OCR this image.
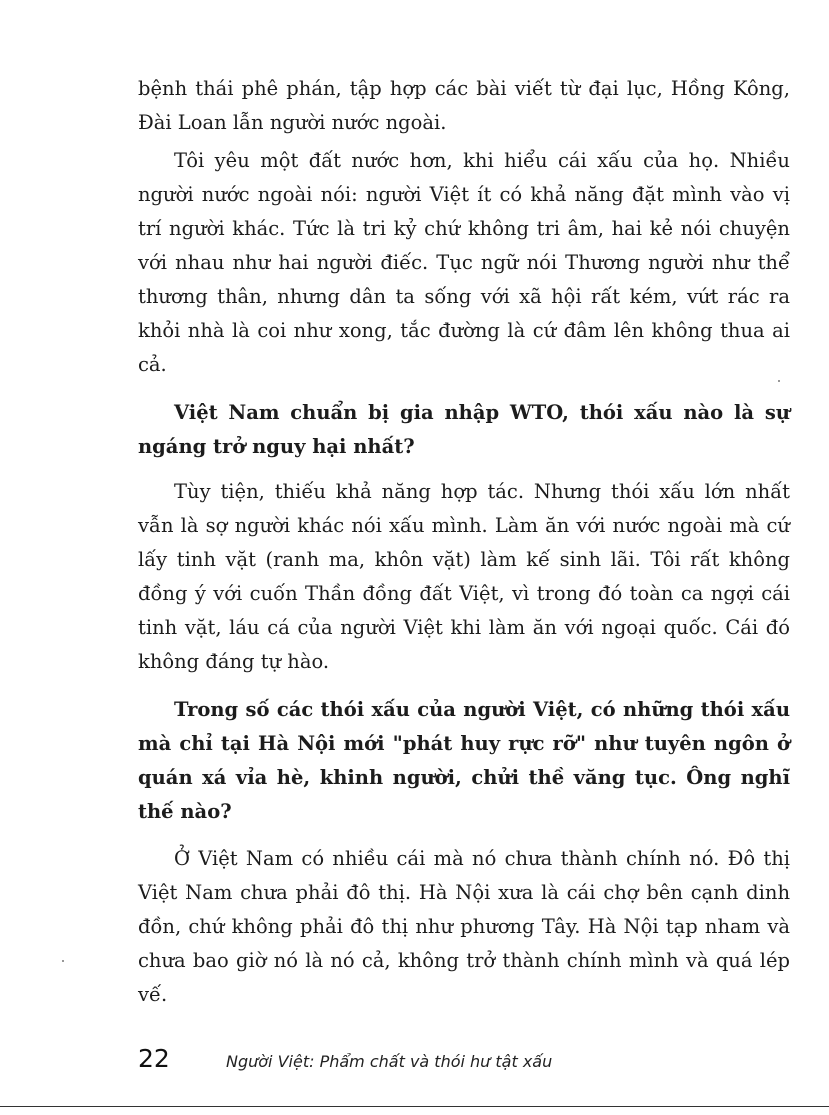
bệnh thái phê phán, tập hợp các bài viết từ đại lục, Hồng Kông, Đài Loan lẫn người nước ngoài.

Tôi yêu một đất nước hơn, khi hiểu cái xấu của họ. Nhiều người nước ngoài nói: người Việt ít có khả năng đặt mình vào vị trí người khác. Tức là tri kỷ chứ không tri âm, hai kẻ nói chuyện với nhau như hai người điếc. Tục ngữ nói Thương người như thể thương thân, nhưng dân ta sống với xã hội rất kém, vứt rác ra khỏi nhà là coi như xong, tắc đường là cứ đâm lên không thua ai cả.

Việt Nam chuẩn bị gia nhập WTO, thói xấu nào là sự ngáng trở nguy hại nhất?

Tùy tiện, thiếu khả năng hợp tác. Nhưng thói xấu lớn nhất vẫn là sợ người khác nói xấu mình. Làm ăn với nước ngoài mà cứ lấy tinh vặt (ranh ma, khôn vặt) làm kế sinh lãi. Tôi rất không đồng ý với cuốn Thần đồng đất Việt, vì trong đó toàn ca ngợi cái tinh vặt, láu cá của người Việt khi làm ăn với ngoại quốc. Cái đó không đáng tự hào.

Trong số các thói xấu của người Việt, có những thói xấu mà chỉ tại Hà Nội mới "phát huy rực rỡ" như tuyên ngôn ở quán xá vỉa hè, khinh người, chửi thề văng tục. Ông nghĩ thế nào?

Ở Việt Nam có nhiều cái mà nó chưa thành chính nó. Đô thị Việt Nam chưa phải đô thị. Hà Nội xưa là cái chợ bên cạnh dinh đồn, chứ không phải đô thị như phương Tây. Hà Nội tạp nham và chưa bao giờ nó là nó cả, không trở thành chính mình và quá lép vế.

22	Người Việt: Phẩm chất và thói hư tật xấu
